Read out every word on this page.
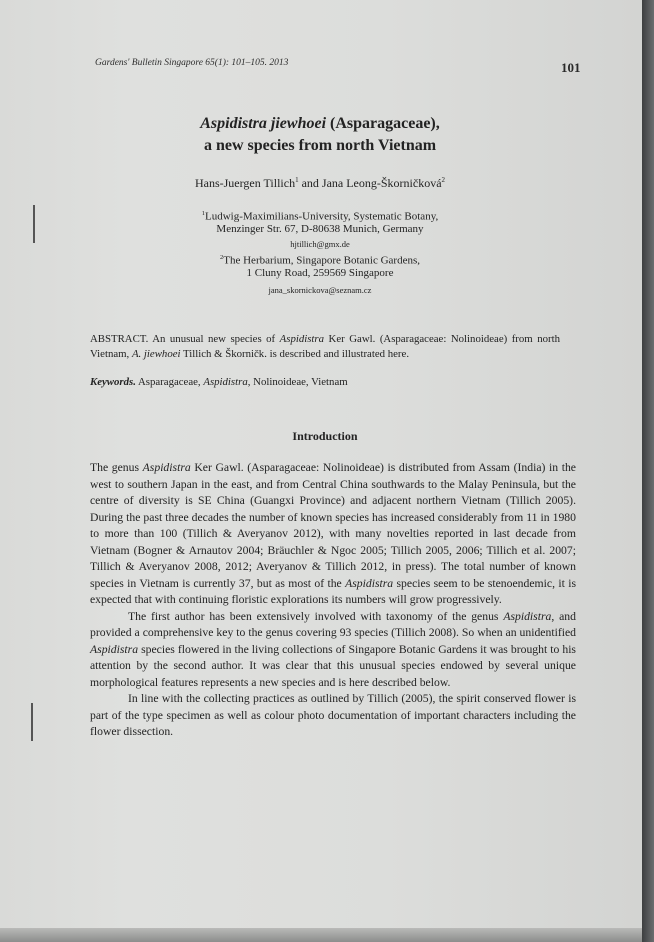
Gardens' Bulletin Singapore 65(1): 101–105. 2013	101
Aspidistra jiewhoei (Asparagaceae),
a new species from north Vietnam
Hans-Juergen Tillich$^1$ and Jana Leong-Škorničková$^2$
$^1$Ludwig-Maximilians-University, Systematic Botany,
Menzinger Str. 67, D-80638 Munich, Germany
hjtillich@gmx.de
$^2$The Herbarium, Singapore Botanic Gardens,
1 Cluny Road, 259569 Singapore
jana_skornickova@seznam.cz
ABSTRACT. An unusual new species of Aspidistra Ker Gawl. (Asparagaceae: Nolinoideae) from north Vietnam, A. jiewhoei Tillich & Škorničk. is described and illustrated here.
Keywords. Asparagaceae, Aspidistra, Nolinoideae, Vietnam
Introduction

The genus Aspidistra Ker Gawl. (Asparagaceae: Nolinoideae) is distributed from Assam (India) in the west to southern Japan in the east, and from Central China southwards to the Malay Peninsula, but the centre of diversity is SE China (Guangxi Province) and adjacent northern Vietnam (Tillich 2005). During the past three decades the number of known species has increased considerably from 11 in 1980 to more than 100 (Tillich & Averyanov 2012), with many novelties reported in last decade from Vietnam (Bogner & Arnautov 2004; Bräuchler & Ngoc 2005; Tillich 2005, 2006; Tillich et al. 2007; Tillich & Averyanov 2008, 2012; Averyanov & Tillich 2012, in press). The total number of known species in Vietnam is currently 37, but as most of the Aspidistra species seem to be stenoendemic, it is expected that with continuing floristic explorations its numbers will grow progressively.

The first author has been extensively involved with taxonomy of the genus Aspidistra, and provided a comprehensive key to the genus covering 93 species (Tillich 2008). So when an unidentified Aspidistra species flowered in the living collections of Singapore Botanic Gardens it was brought to his attention by the second author. It was clear that this unusual species endowed by several unique morphological features represents a new species and is here described below.

In line with the collecting practices as outlined by Tillich (2005), the spirit conserved flower is part of the type specimen as well as colour photo documentation of important characters including the flower dissection.
